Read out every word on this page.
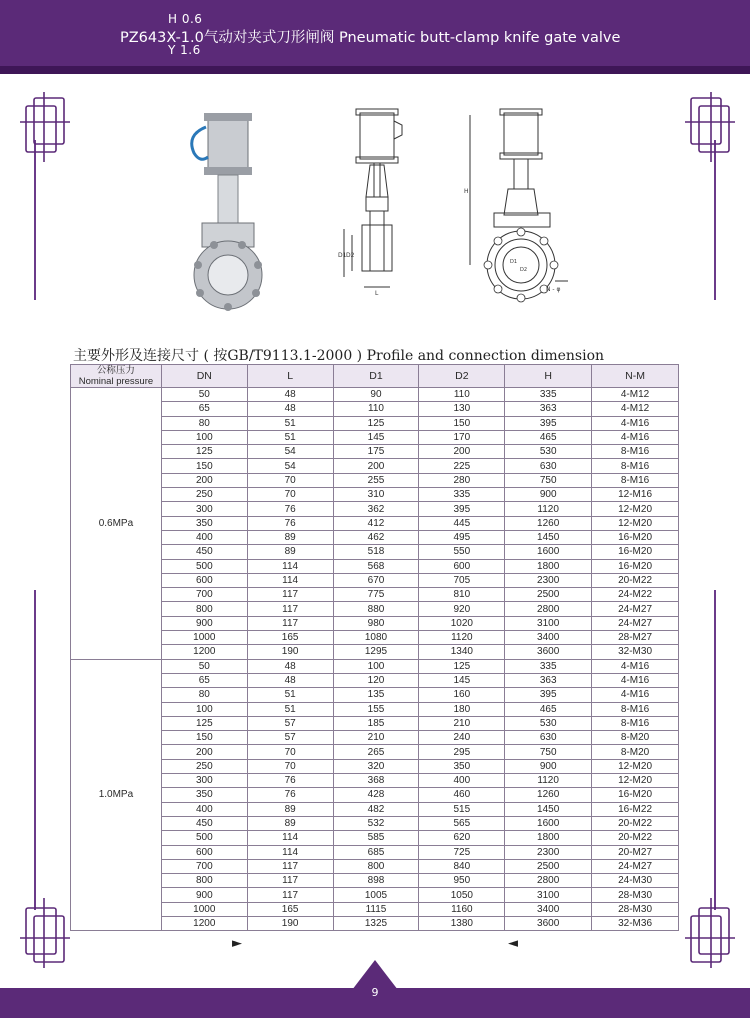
H 0.6
PZ643X-1.0气动对夹式刀形闸阀 Pneumatic butt-clamp knife gate valve
Y 1.6
D1 D2
L
H
D1
D2
N - φ
主要外形及连接尺寸 ( 按GB/T9113.1-2000 ) Profile and connection dimension
公称压力
Nominal pressure	DN	L	D1	D2	H	N-M
0.6MPa	50	48	90	110	335	4-M12
	65	48	110	130	363	4-M12
	80	51	125	150	395	4-M16
	100	51	145	170	465	4-M16
	125	54	175	200	530	8-M16
	150	54	200	225	630	8-M16
	200	70	255	280	750	8-M16
	250	70	310	335	900	12-M16
	300	76	362	395	1120	12-M20
	350	76	412	445	1260	12-M20
	400	89	462	495	1450	16-M20
	450	89	518	550	1600	16-M20
	500	114	568	600	1800	16-M20
	600	114	670	705	2300	20-M22
	700	117	775	810	2500	24-M22
	800	117	880	920	2800	24-M27
	900	117	980	1020	3100	24-M27
	1000	165	1080	1120	3400	28-M27
	1200	190	1295	1340	3600	32-M30
1.0MPa	50	48	100	125	335	4-M16
	65	48	120	145	363	4-M16
	80	51	135	160	395	4-M16
	100	51	155	180	465	8-M16
	125	57	185	210	530	8-M16
	150	57	210	240	630	8-M20
	200	70	265	295	750	8-M20
	250	70	320	350	900	12-M20
	300	76	368	400	1120	12-M20
	350	76	428	460	1260	16-M20
	400	89	482	515	1450	16-M22
	450	89	532	565	1600	20-M22
	500	114	585	620	1800	20-M22
	600	114	685	725	2300	20-M27
	700	117	800	840	2500	24-M27
	800	117	898	950	2800	24-M30
	900	117	1005	1050	3100	28-M30
	1000	165	1115	1160	3400	28-M30
	1200	190	1325	1380	3600	32-M36
►	◄
9
